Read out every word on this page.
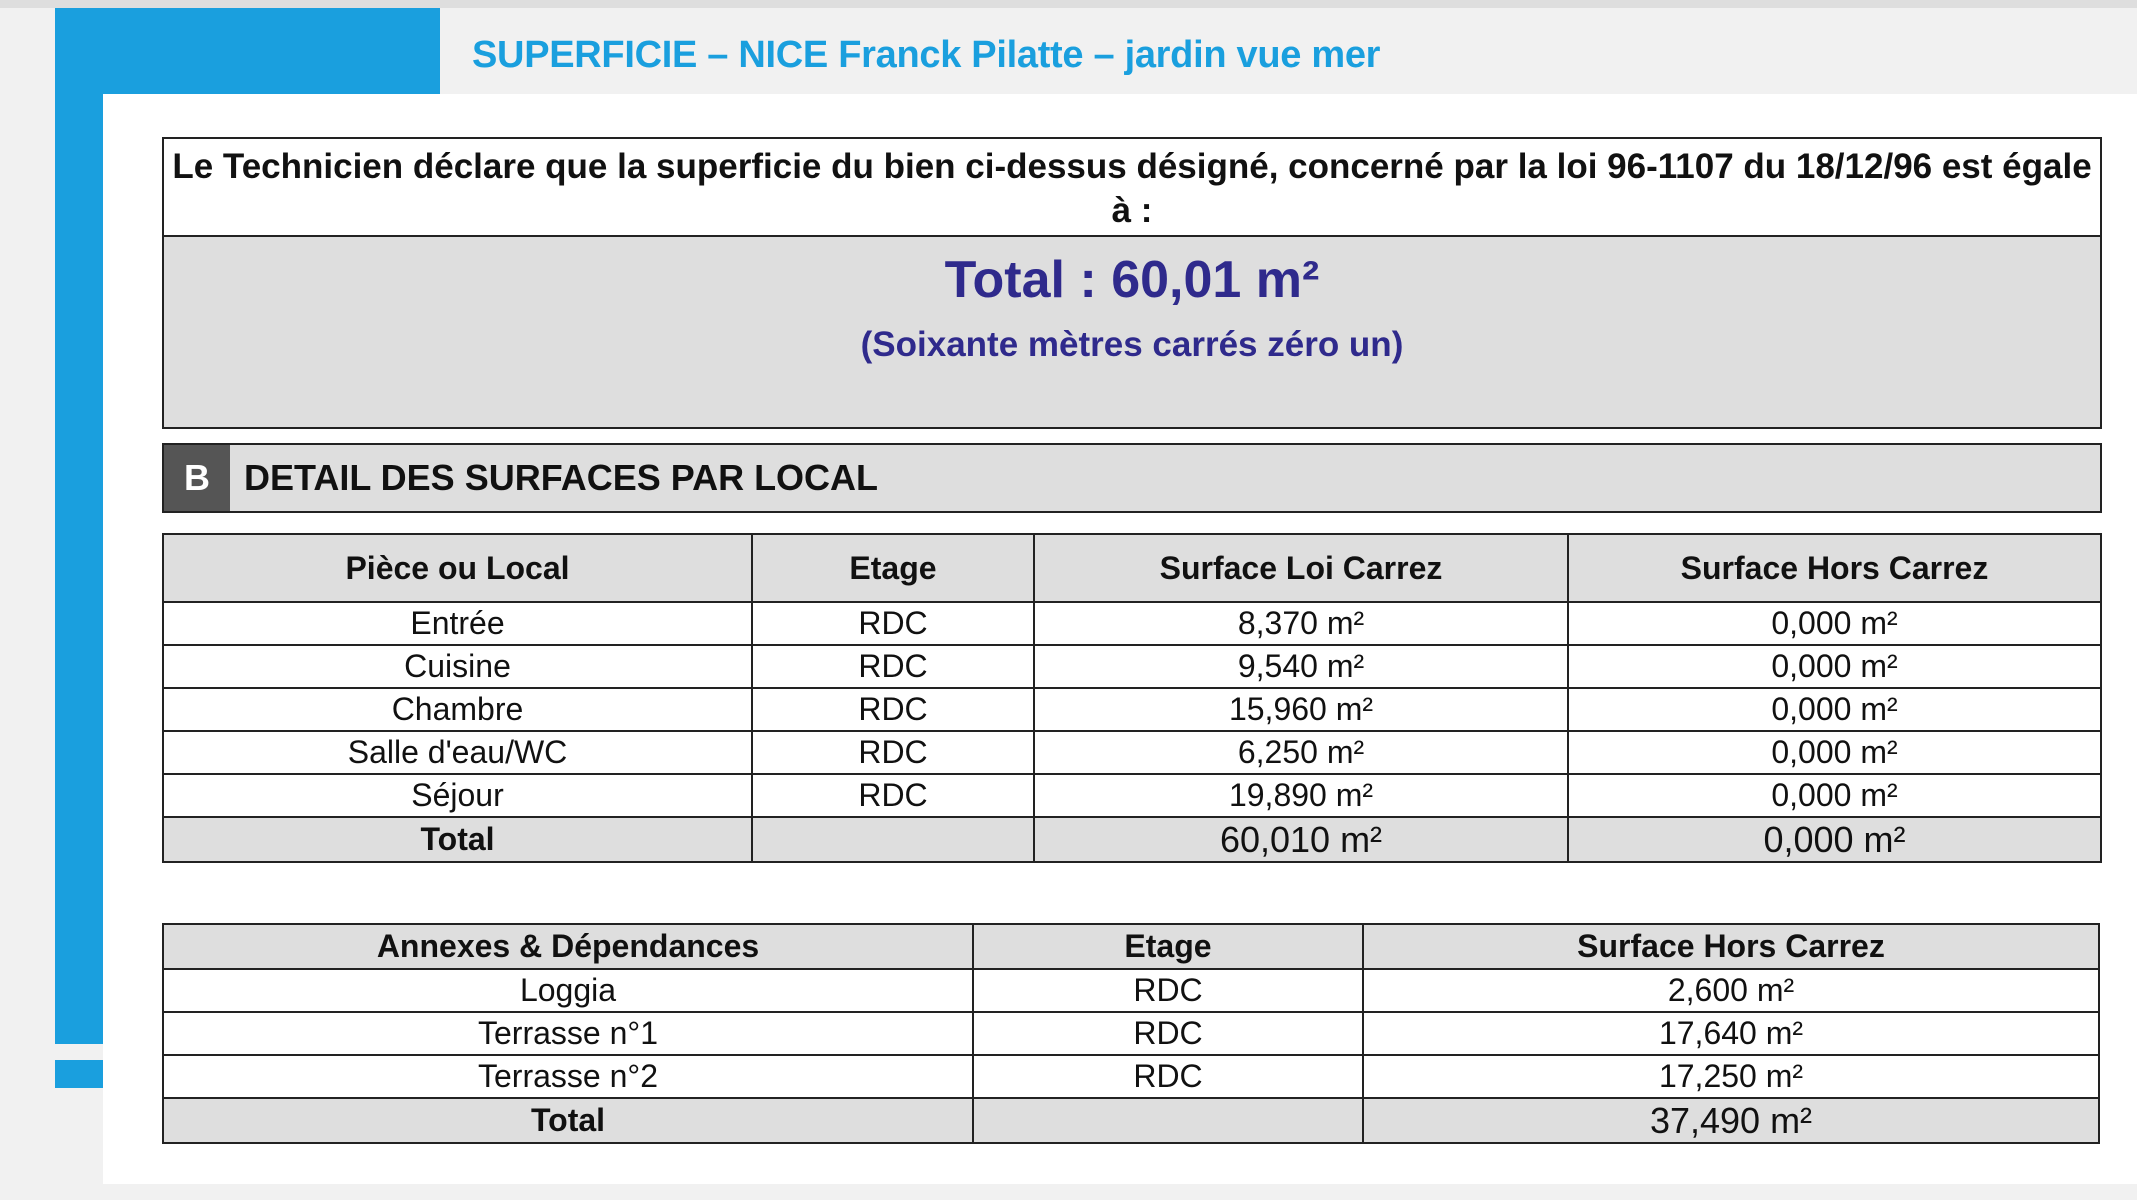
SUPERFICIE – NICE Franck Pilatte – jardin vue mer
Le Technicien déclare que la superficie du bien ci-dessus désigné, concerné par la loi 96-1107 du 18/12/96 est égale à :
Total : 60,01 m²
(Soixante mètres carrés zéro un)
B DETAIL DES SURFACES PAR LOCAL
Pièce ou Local	Etage	Surface Loi Carrez	Surface Hors Carrez
Entrée	RDC	8,370 m²	0,000 m²
Cuisine	RDC	9,540 m²	0,000 m²
Chambre	RDC	15,960 m²	0,000 m²
Salle d'eau/WC	RDC	6,250 m²	0,000 m²
Séjour	RDC	19,890 m²	0,000 m²
Total		60,010 m²	0,000 m²
Annexes & Dépendances	Etage	Surface Hors Carrez
Loggia	RDC	2,600 m²
Terrasse n°1	RDC	17,640 m²
Terrasse n°2	RDC	17,250 m²
Total		37,490 m²
